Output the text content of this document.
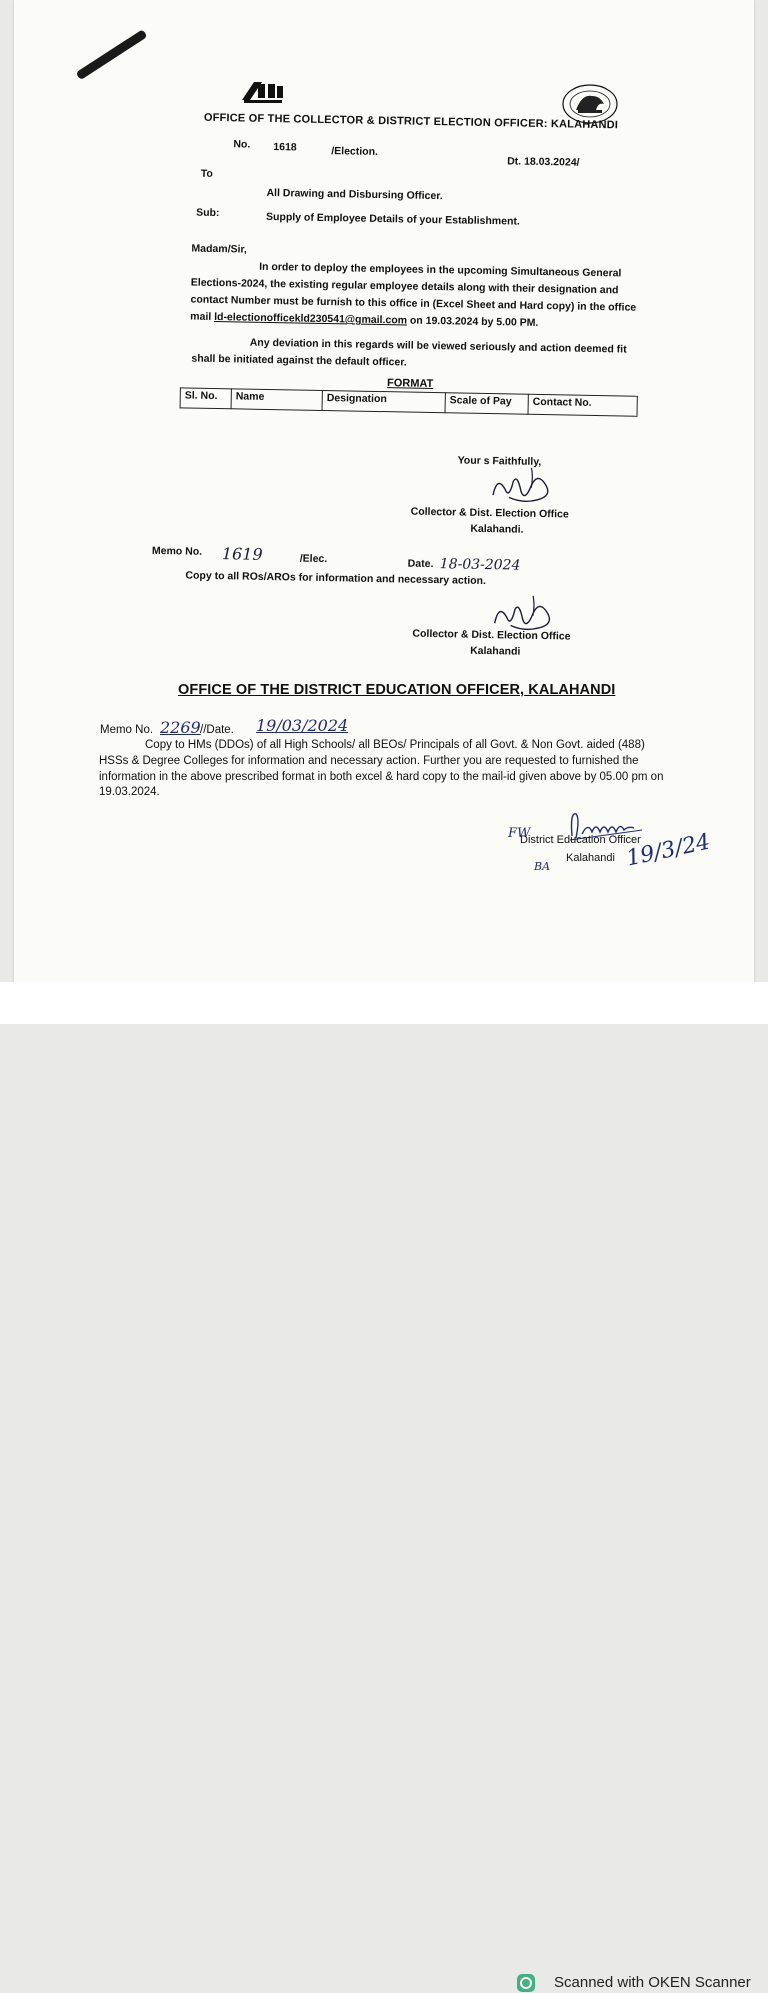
OFFICE OF THE COLLECTOR & DISTRICT ELECTION OFFICER: KALAHANDI
No. 1618	/Election.
Dt. 18.03.2024/
To
All Drawing and Disbursing Officer.
Sub:	Supply of Employee Details of your Establishment.
Madam/Sir,
In order to deploy the employees in the upcoming Simultaneous General Elections-2024, the existing regular employee details along with their designation and contact Number must be furnish to this office in (Excel Sheet and Hard copy) in the office mail ld-electionofficekld230541@gmail.com on 19.03.2024 by 5.00 PM.
Any deviation in this regards will be viewed seriously and action deemed fit shall be initiated against the default officer.
FORMAT
Sl. No.	Name	Designation	Scale of Pay	Contact No.
Your s Faithfully,
Collector & Dist. Election Office
Kalahandi.
Memo No. 1619	/Elec.	Date. 18-03-2024
Copy to all ROs/AROs for information and necessary action.
Collector & Dist. Election Office
Kalahandi
OFFICE OF THE DISTRICT EDUCATION OFFICER, KALAHANDI
Memo No. 2269 //Date. 19/03/2024
Copy to HMs (DDOs) of all High Schools/ all BEOs/ Principals of all Govt. & Non Govt. aided (488) HSSs & Degree Colleges for information and necessary action. Further you are requested to furnished the information in the above prescribed format in both excel & hard copy to the mail-id given above by 05.00 pm on 19.03.2024.
FW
District Education Officer
BA
Kalahandi 19/3/24
Scanned with OKEN Scanner
